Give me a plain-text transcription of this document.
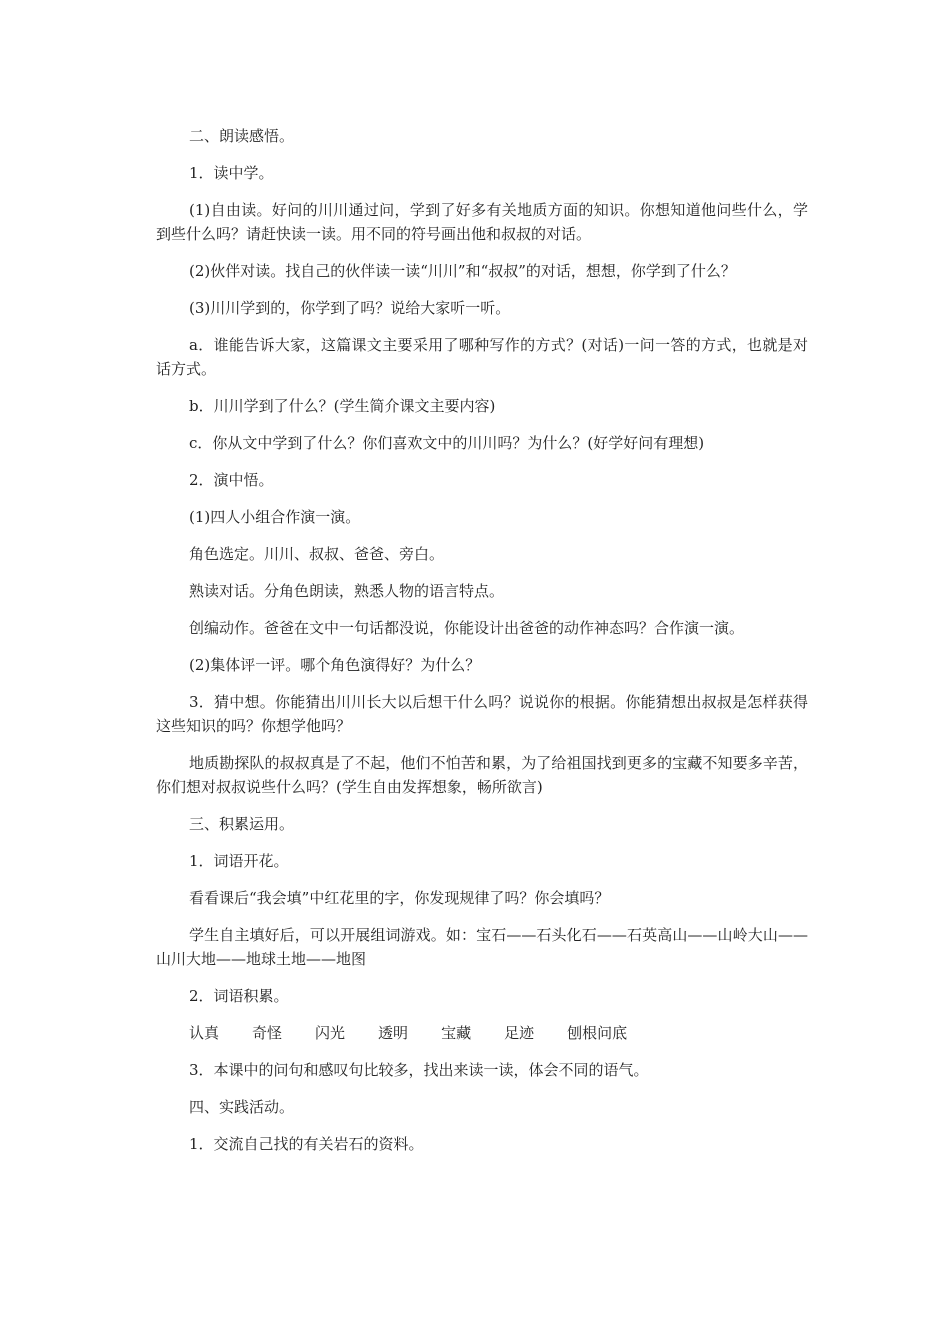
二、朗读感悟。

1．读中学。

(1)自由读。好问的川川通过问，学到了好多有关地质方面的知识。你想知道他问些什么，学到些什么吗？请赶快读一读。用不同的符号画出他和叔叔的对话。

(2)伙伴对读。找自己的伙伴读一读“川川”和“叔叔”的对话，想想，你学到了什么？

(3)川川学到的，你学到了吗？说给大家听一听。

a．谁能告诉大家，这篇课文主要采用了哪种写作的方式？(对话)一问一答的方式，也就是对话方式。

b．川川学到了什么？(学生简介课文主要内容)

c．你从文中学到了什么？你们喜欢文中的川川吗？为什么？(好学好问有理想)

2．演中悟。

(1)四人小组合作演一演。

角色选定。川川、叔叔、爸爸、旁白。

熟读对话。分角色朗读，熟悉人物的语言特点。

创编动作。爸爸在文中一句话都没说，你能设计出爸爸的动作神态吗？合作演一演。

(2)集体评一评。哪个角色演得好？为什么？

3．猜中想。你能猜出川川长大以后想干什么吗？说说你的根据。你能猜想出叔叔是怎样获得这些知识的吗？你想学他吗？

地质勘探队的叔叔真是了不起，他们不怕苦和累，为了给祖国找到更多的宝藏不知要多辛苦，你们想对叔叔说些什么吗？(学生自由发挥想象，畅所欲言)

三、积累运用。

1．词语开花。

看看课后“我会填”中红花里的字，你发现规律了吗？你会填吗？

学生自主填好后，可以开展组词游戏。如：宝石——石头化石——石英高山——山岭大山——山川大地——地球土地——地图

2．词语积累。

认真 奇怪 闪光 透明 宝藏 足迹 刨根问底

3．本课中的问句和感叹句比较多，找出来读一读，体会不同的语气。

四、实践活动。

1．交流自己找的有关岩石的资料。
